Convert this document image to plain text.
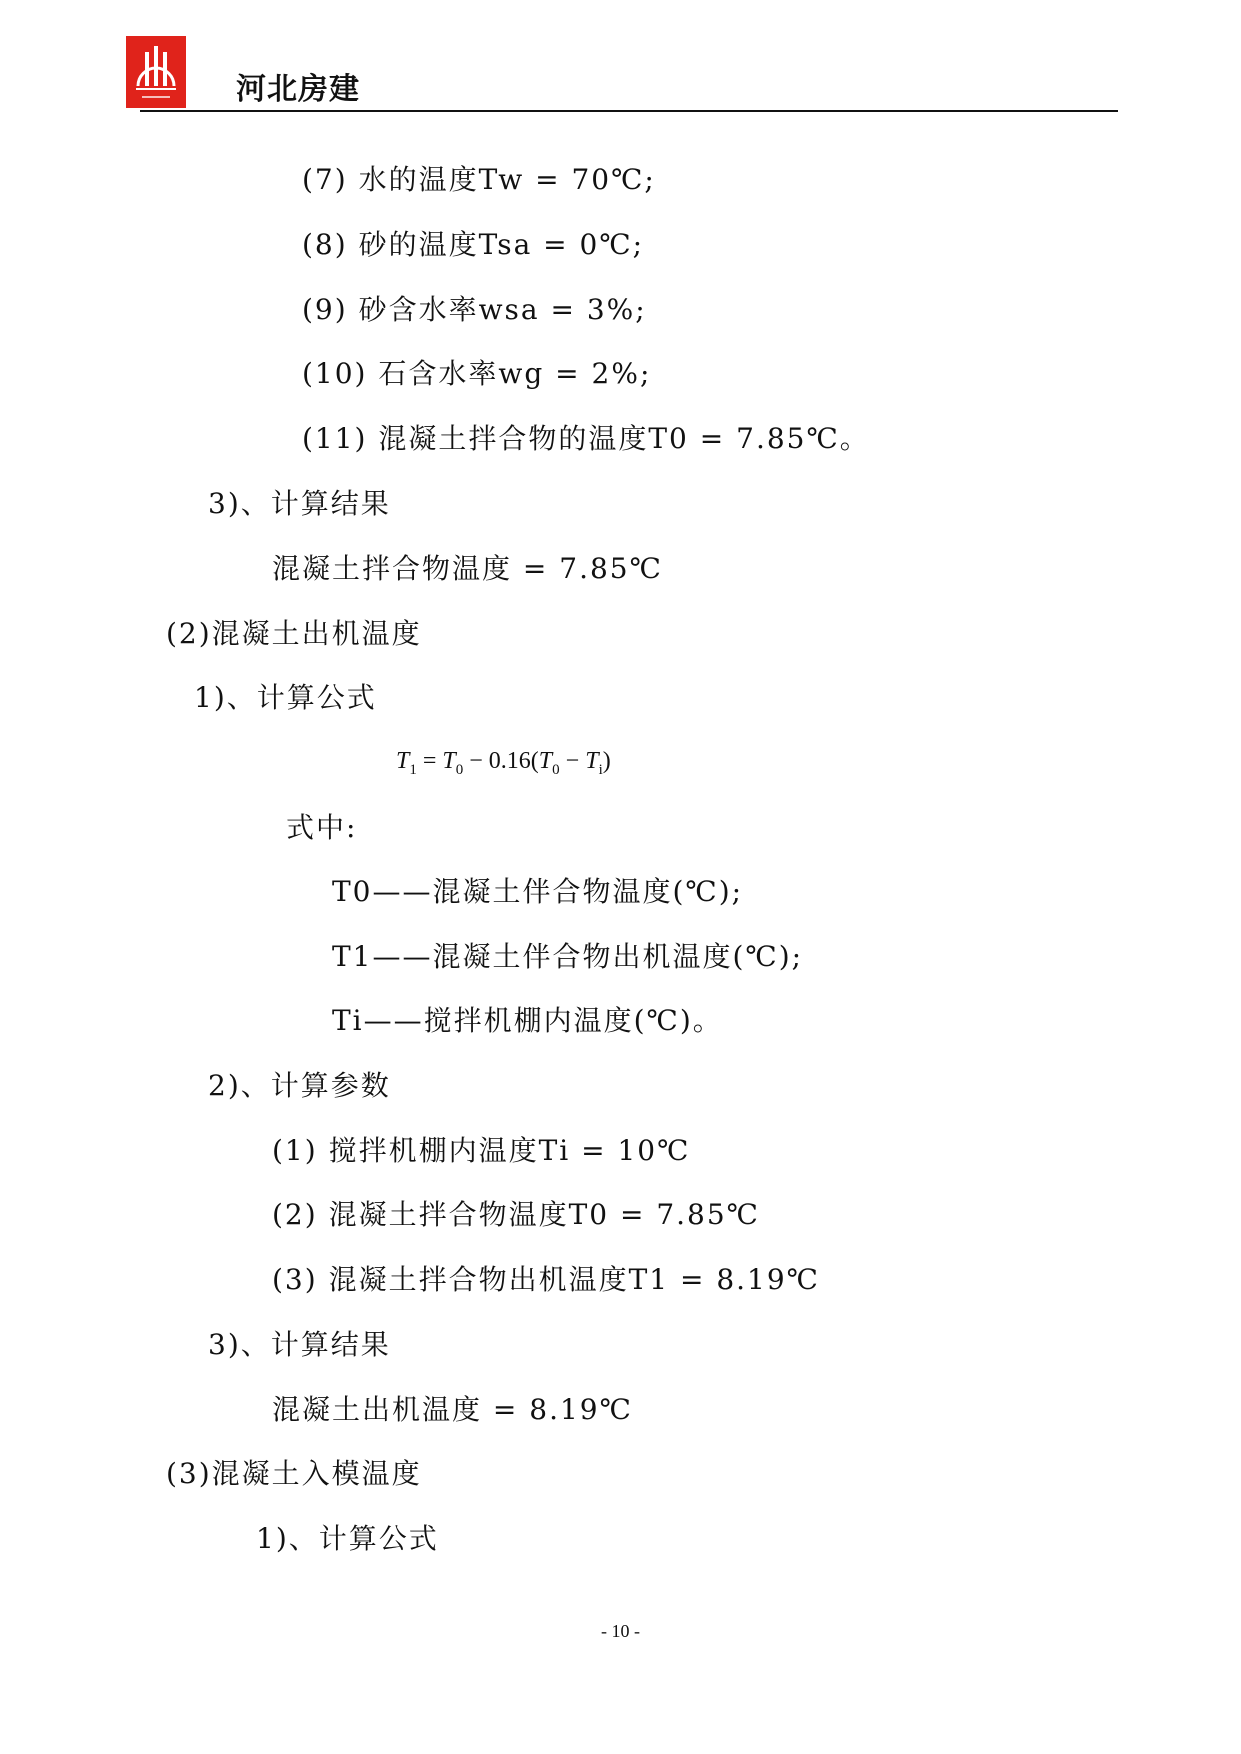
河北房建
(7) 水的温度Tw = 70℃;
(8) 砂的温度Tsa = 0℃;
(9) 砂含水率wsa = 3%;
(10) 石含水率wg = 2%;
(11) 混凝土拌合物的温度T0 = 7.85℃。
3)、计算结果
混凝土拌合物温度 = 7.85℃
(2)混凝土出机温度
1)、计算公式
$T_1 = T_0 - 0.16(T_0 - T_i)$
式中:
T0——混凝土伴合物温度(℃);
T1——混凝土伴合物出机温度(℃);
Ti——搅拌机棚内温度(℃)。
2)、计算参数
(1) 搅拌机棚内温度Ti = 10℃
(2) 混凝土拌合物温度T0 = 7.85℃
(3) 混凝土拌合物出机温度T1 = 8.19℃
3)、计算结果
混凝土出机温度 = 8.19℃
(3)混凝土入模温度
1)、计算公式
- 10 -
